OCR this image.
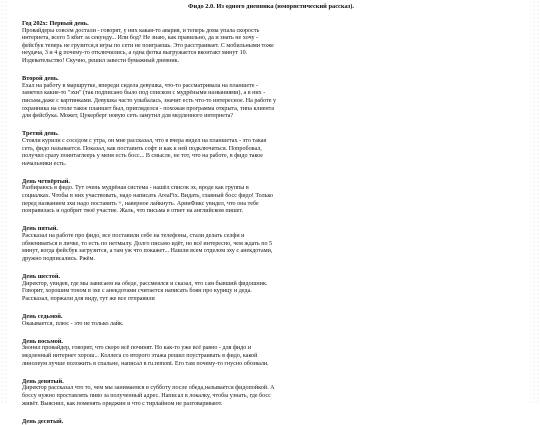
Фидо 2.0. Из одного дневника (юмористический рассказ).
Год 202х: Первый день.
Провайдеры совсем достали - говорят, у них какая-то авария, и теперь дома упала скорость
интернета, всего 5 кбит за секунду... Или бод? Не знаю, как правильно, да и знать не хочу -
фейсбук теперь не грузится,я игры по сети не поиграешь. Это расстраивает. С мобильными тоже
неудача, 3 и 4 g почему-то отключились, а одна фотка выгружается вконтакт минут 10.
Издевательство! Скучно, решил завести бумажный дневник.
Второй день.
Ехал на работу в маршрутке, впереди сидела девушка, что-то рассматривала на планшете -
заметил какие-то "эхи" (так подписано было под списком с мудрёными названиями), а в них -
письма,даже с картинками. Девушка часто улыбалась, значит есть что-то интересное. На работе у
охранника на столе такое планшет был, пригляделся - похожая программа открыта, типа клиента
для фейсбука. Может, Цукерберг новую сеть замутил для медленного интернета?
Третий день.
Стояли курили с соседом с утра, он мне рассказал, что в вчера видел на планшетах - это такая
сеть, фидо называется. Показал, как поставить софт и как к ней подключиться. Попробовал,
получил сразу поинтаглеерь у меня есть босс... В смысле, не тот, что на работе, в фидо такое
начальники есть.
День четвёртый.
Разбираюсь в фидо. Тут очень мудрёная система - нашёл список эх, вроде как группы в
социалках. Чтобы в них участвовать, надо написать AreaFix. Видать, главный босс фидо! Только
перед названием эхи надо поставить +, наверное лайкнуть. АрииФикс увидел, что она тебе
понравилась и одобрит твоё участие. Жаль, что письма в ответ на английском пишет.
День пятый.
Рассказал на работе про фидо, все поставили себе на телефоны, стали делать селфи и
обмениваться в личке, то есть по нетмылу. Долго письмо идёт, но всё интересно, чем ждать по 5
минут, когда фейсбук загрузится, а там уж что покажет... Нашли всем отделом эху с анекдотами,
дружно подписались. Ржём.
День шестой.
Директор, увидев, где мы зависаем на обеде, рассмеялся и сказал, что сам бывший фидошник.
Говорит, хорошим тоном в эхе с анекдотами считается написать боян про курицу и деда.
Рассказал, поржали для виду, тут же все отправили
День седьмой.
Окаывается, плюс - это не только лайк.
День восьмой.
Звонил провайдер, говорит, что скоро всё починят. Но как-то уже всё равно - для фидо и
медленный интернет хорош... Коллега со второго этажа решил поустраивать в фидо, какой
линолеум лучше положить в спальне, написал в ru.remont. Его там почему-то гнусно обозвали.
День девятый.
Директор рассказал что то, чем мы занимаемся в субботу после обеда,называется фидопойкой. А
боссу нужно проставлять пиво за полученный адрес. Написал в локалку, чтобы узнать, где босс
живёт. Выяснил, как поменять ориджин и что с тирлайном не разговаривают.
День десятый.
